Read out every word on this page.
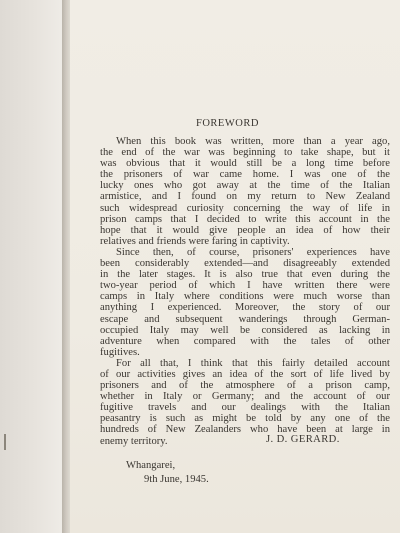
FOREWORD
When this book was written, more than a year ago,
the end of the war was beginning to take shape, but it
was obvious that it would still be a long time before
the prisoners of war came home. I was one of the
lucky ones who got away at the time of the Italian
armistice, and I found on my return to New Zealand
such widespread curiosity concerning the way of life in
prison camps that I decided to write this account in the
hope that it would give people an idea of how their
relatives and friends were faring in captivity.
Since then, of course, prisoners' experiences have
been considerably extended—and disagreeably extended
in the later stages. It is also true that even during the
two-year period of which I have written there were
camps in Italy where conditions were much worse than
anything I experienced. Moreover, the story of our
escape and subsequent wanderings through German-
occupied Italy may well be considered as lacking in
adventure when compared with the tales of other
fugitives.
For all that, I think that this fairly detailed account
of our activities gives an idea of the sort of life lived by
prisoners and of the atmosphere of a prison camp,
whether in Italy or Germany; and the account of our
fugitive travels and our dealings with the Italian
peasantry is such as might be told by any one of the
hundreds of New Zealanders who have been at large in
enemy territory.	J. D. GERARD.
Whangarei,
9th June, 1945.
